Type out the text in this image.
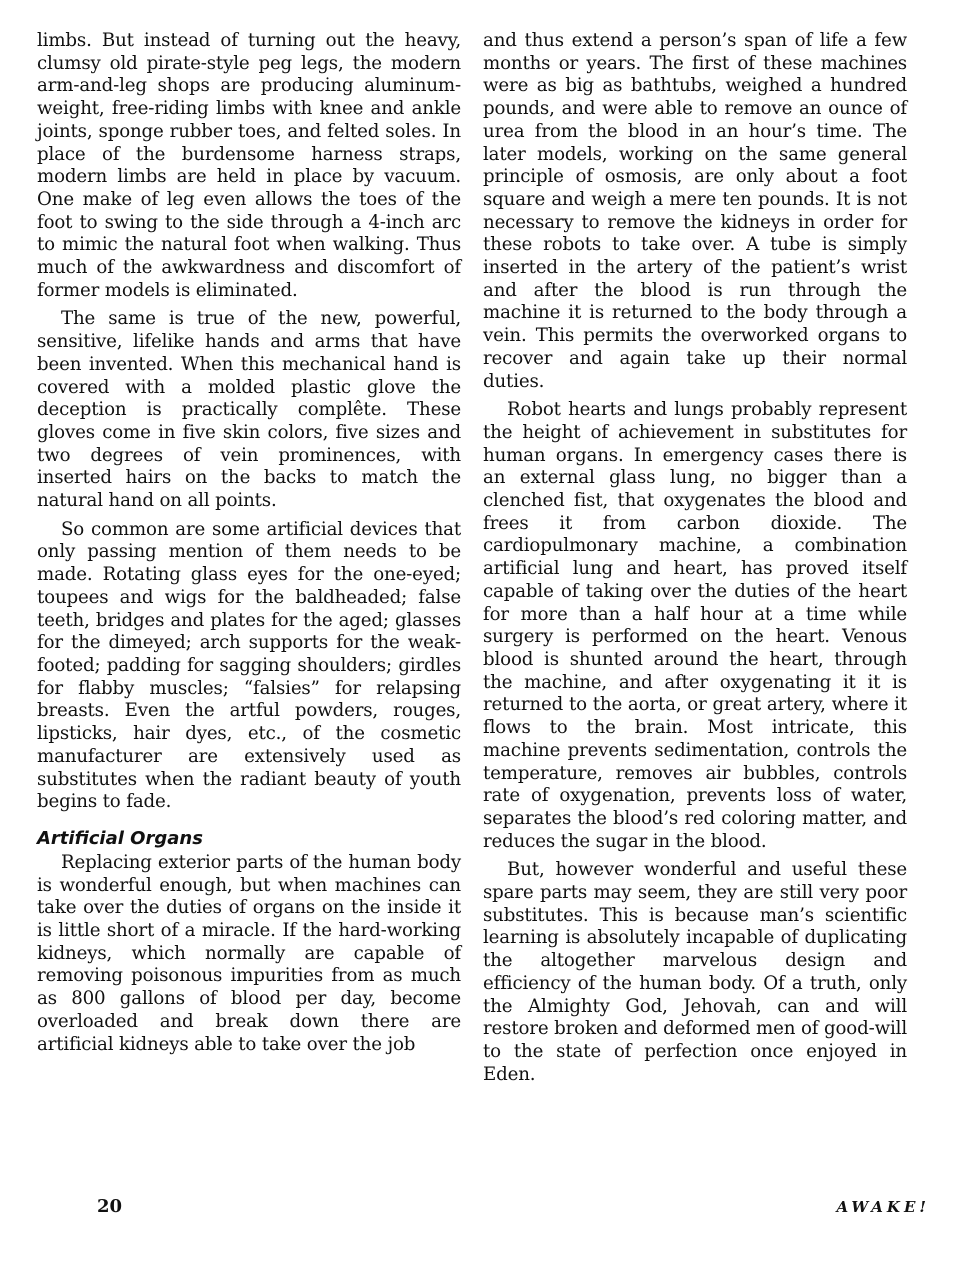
limbs. But instead of turning out the heavy, clumsy old pirate-style peg legs, the modern arm-and-leg shops are producing aluminum-weight, free-riding limbs with knee and ankle joints, sponge rubber toes, and felted soles. In place of the burdensome harness straps, modern limbs are held in place by vacuum. One make of leg even allows the toes of the foot to swing to the side through a 4-inch arc to mimic the natural foot when walking. Thus much of the awkwardness and discomfort of former models is eliminated.

The same is true of the new, powerful, sensitive, lifelike hands and arms that have been invented. When this mechanical hand is covered with a molded plastic glove the deception is practically complête. These gloves come in five skin colors, five sizes and two degrees of vein prominences, with inserted hairs on the backs to match the natural hand on all points.

So common are some artificial devices that only passing mention of them needs to be made. Rotating glass eyes for the one-eyed; toupees and wigs for the baldheaded; false teeth, bridges and plates for the aged; glasses for the dimeyed; arch supports for the weak-footed; padding for sagging shoulders; girdles for flabby muscles; “falsies” for relapsing breasts. Even the artful powders, rouges, lipsticks, hair dyes, etc., of the cosmetic manufacturer are extensively used as substitutes when the radiant beauty of youth begins to fade.

Artificial Organs

Replacing exterior parts of the human body is wonderful enough, but when machines can take over the duties of organs on the inside it is little short of a miracle. If the hard-working kidneys, which normally are capable of removing poisonous impurities from as much as 800 gallons of blood per day, become overloaded and break down there are artificial kidneys able to take over the job

and thus extend a person’s span of life a few months or years. The first of these machines were as big as bathtubs, weighed a hundred pounds, and were able to remove an ounce of urea from the blood in an hour’s time. The later models, working on the same general principle of osmosis, are only about a foot square and weigh a mere ten pounds. It is not necessary to remove the kidneys in order for these robots to take over. A tube is simply inserted in the artery of the patient’s wrist and after the blood is run through the machine it is returned to the body through a vein. This permits the overworked organs to recover and again take up their normal duties.

Robot hearts and lungs probably represent the height of achievement in substitutes for human organs. In emergency cases there is an external glass lung, no bigger than a clenched fist, that oxygenates the blood and frees it from carbon dioxide. The cardiopulmonary machine, a combination artificial lung and heart, has proved itself capable of taking over the duties of the heart for more than a half hour at a time while surgery is performed on the heart. Venous blood is shunted around the heart, through the machine, and after oxygenating it it is returned to the aorta, or great artery, where it flows to the brain. Most intricate, this machine prevents sedimentation, controls the temperature, removes air bubbles, controls rate of oxygenation, prevents loss of water, separates the blood’s red coloring matter, and reduces the sugar in the blood.

But, however wonderful and useful these spare parts may seem, they are still very poor substitutes. This is because man’s scientific learning is absolutely incapable of duplicating the altogether marvelous design and efficiency of the human body. Of a truth, only the Almighty God, Jehovah, can and will restore broken and deformed men of good-will to the state of perfection once enjoyed in Eden.

20	AWAKE!
